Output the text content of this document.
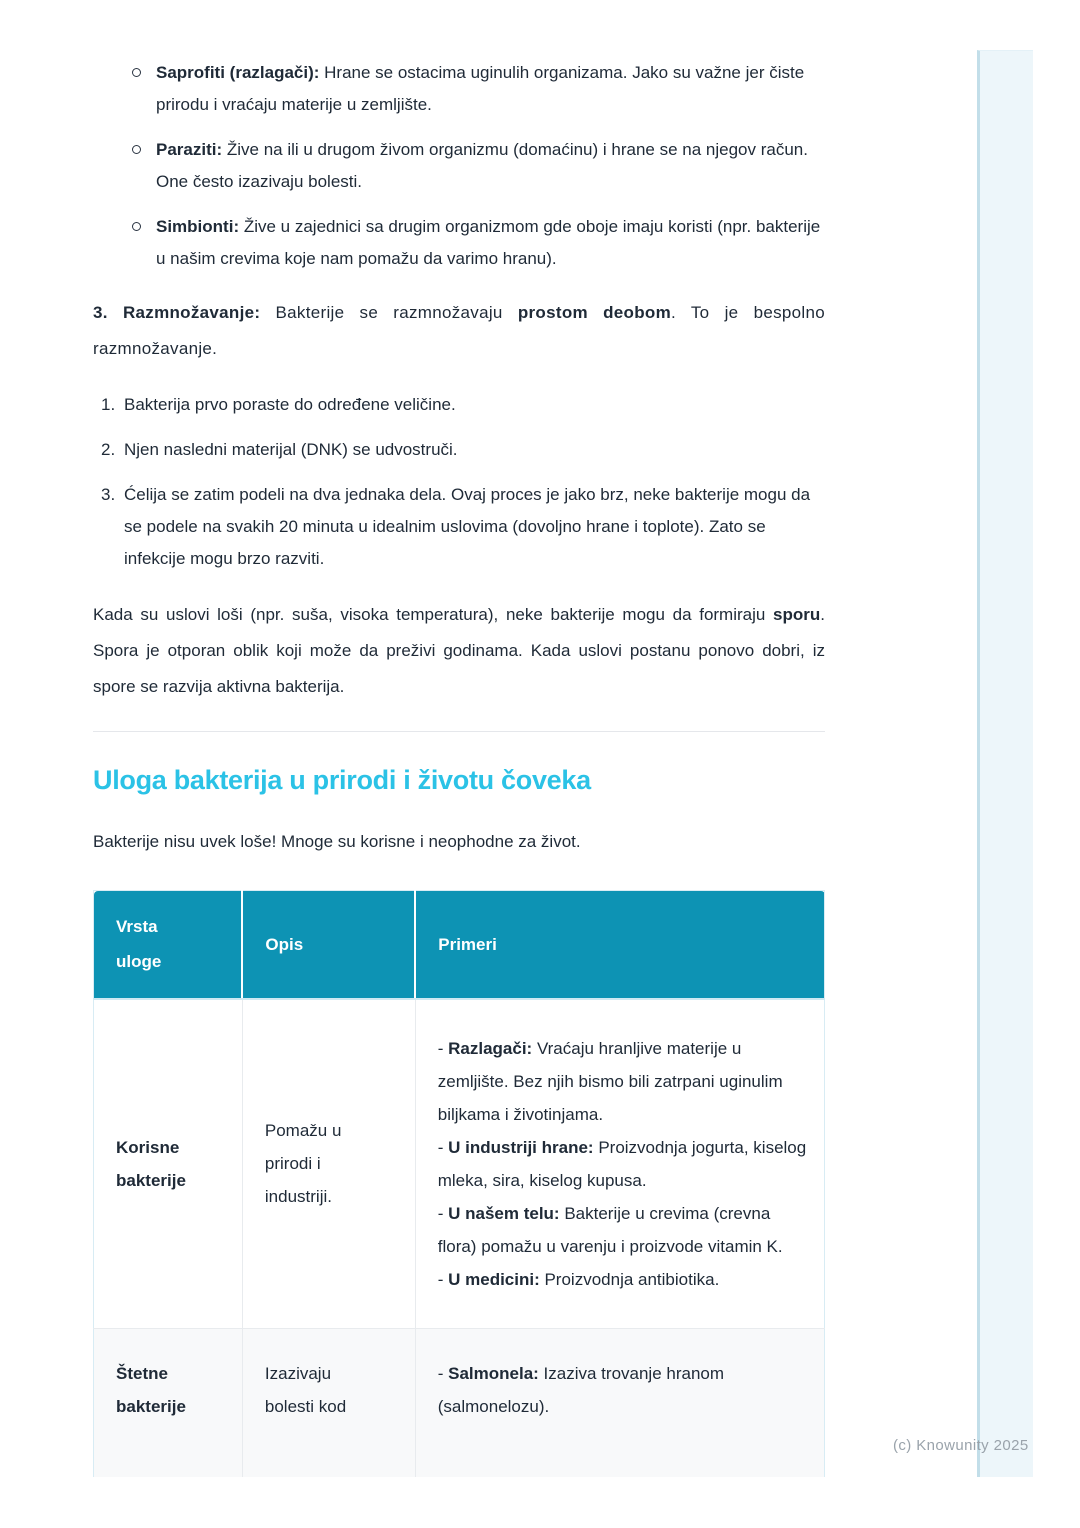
Saprofiti (razlagači): Hrane se ostacima uginulih organizama. Jako su važne jer čiste prirodu i vraćaju materije u zemljište.
Paraziti: Žive na ili u drugom živom organizmu (domaćinu) i hrane se na njegov račun. One često izazivaju bolesti.
Simbionti: Žive u zajednici sa drugim organizmom gde oboje imaju koristi (npr. bakterije u našim crevima koje nam pomažu da varimo hranu).

3. Razmnožavanje: Bakterije se razmnožavaju prostom deobom. To je bespolno razmnožavanje.

1. Bakterija prvo poraste do određene veličine.
2. Njen nasledni materijal (DNK) se udvostruči.
3. Ćelija se zatim podeli na dva jednaka dela. Ovaj proces je jako brz, neke bakterije mogu da se podele na svakih 20 minuta u idealnim uslovima (dovoljno hrane i toplote). Zato se infekcije mogu brzo razviti.

Kada su uslovi loši (npr. suša, visoka temperatura), neke bakterije mogu da formiraju sporu. Spora je otporan oblik koji može da preživi godinama. Kada uslovi postanu ponovo dobri, iz spore se razvija aktivna bakterija.

Uloga bakterija u prirodi i životu čoveka

Bakterije nisu uvek loše! Mnoge su korisne i neophodne za život.

Vrsta uloge	Opis	Primeri
Korisne bakterije	Pomažu u prirodi i industriji.	- Razlagači: Vraćaju hranljive materije u zemljište. Bez njih bismo bili zatrpani uginulim biljkama i životinjama.
- U industriji hrane: Proizvodnja jogurta, kiselog mleka, sira, kiselog kupusa.
- U našem telu: Bakterije u crevima (crevna flora) pomažu u varenju i proizvode vitamin K.
- U medicini: Proizvodnja antibiotika.

Štetne bakterije	Izazivaju bolesti kod	- Salmonela: Izaziva trovanje hranom (salmonelozu).
(c) Knowunity 2025
